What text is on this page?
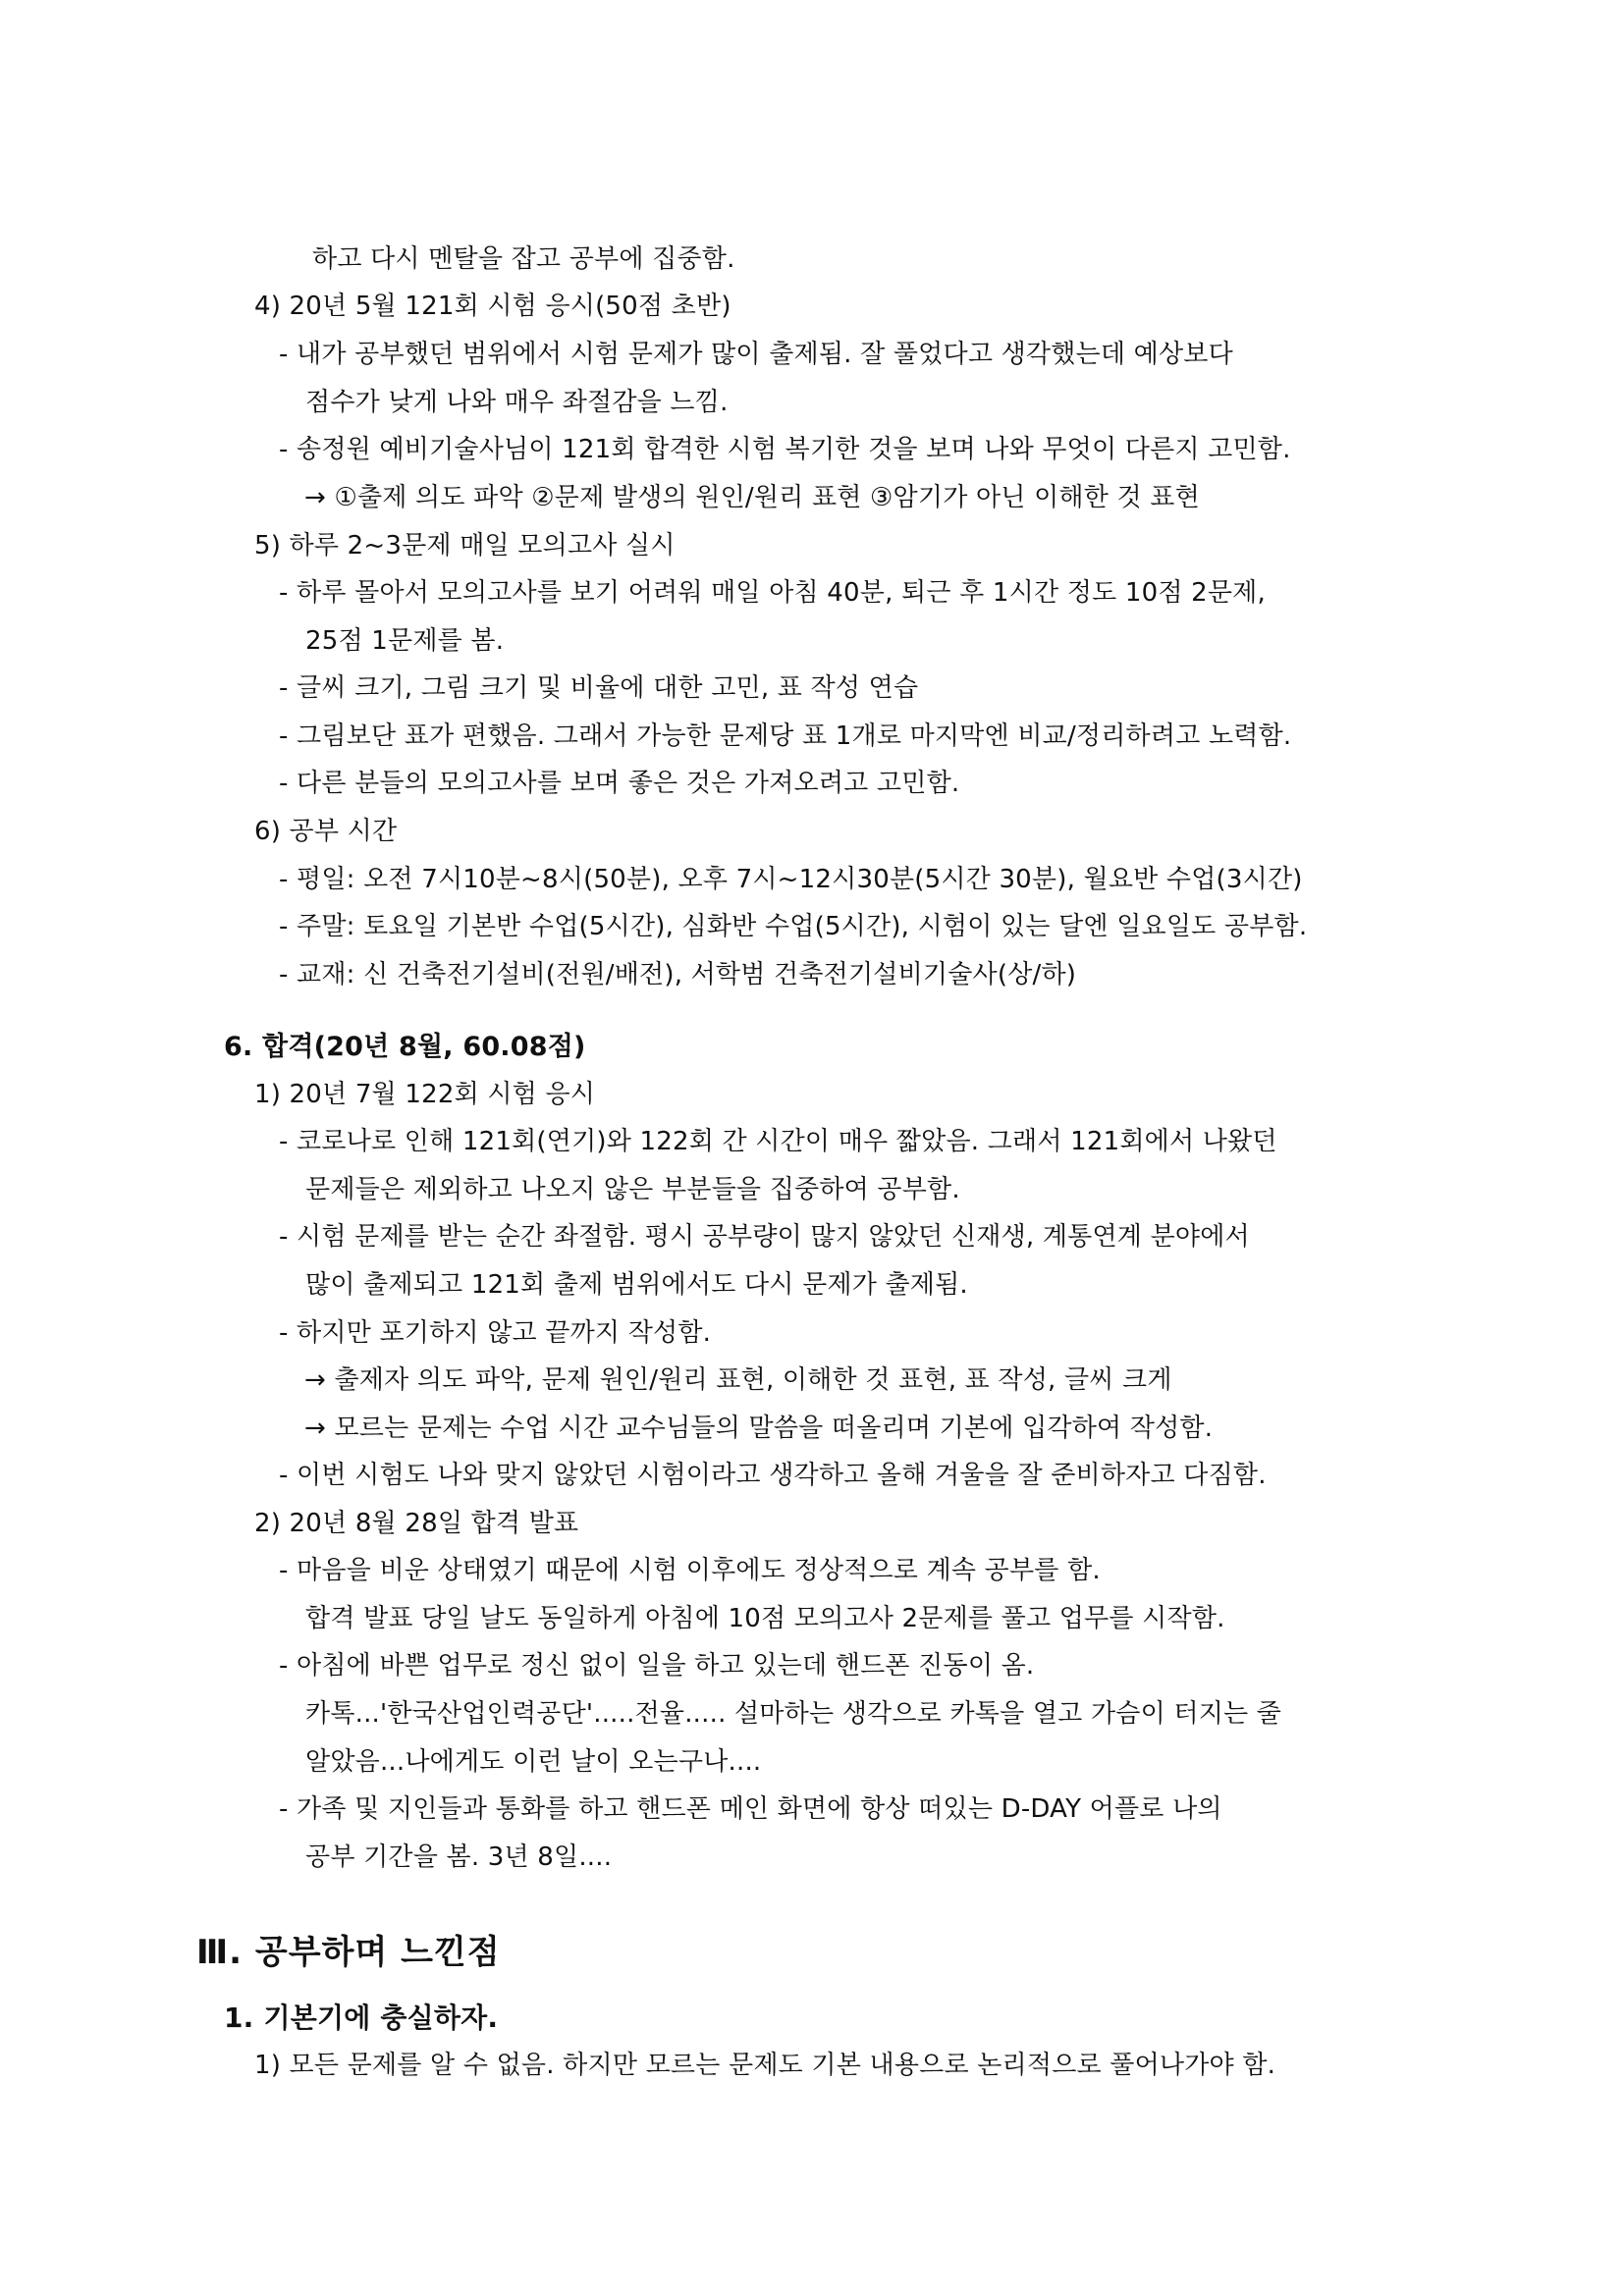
하고 다시 멘탈을 잡고 공부에 집중함.
4) 20년 5월 121회 시험 응시(50점 초반)
- 내가 공부했던 범위에서 시험 문제가 많이 출제됨. 잘 풀었다고 생각했는데 예상보다
점수가 낮게 나와 매우 좌절감을 느낌.
- 송정원 예비기술사님이 121회 합격한 시험 복기한 것을 보며 나와 무엇이 다른지 고민함.
→ ①출제 의도 파악 ②문제 발생의 원인/원리 표현 ③암기가 아닌 이해한 것 표현
5) 하루 2~3문제 매일 모의고사 실시
- 하루 몰아서 모의고사를 보기 어려워 매일 아침 40분, 퇴근 후 1시간 정도 10점 2문제,
25점 1문제를 봄.
- 글씨 크기, 그림 크기 및 비율에 대한 고민, 표 작성 연습
- 그림보단 표가 편했음. 그래서 가능한 문제당 표 1개로 마지막엔 비교/정리하려고 노력함.
- 다른 분들의 모의고사를 보며 좋은 것은 가져오려고 고민함.
6) 공부 시간
- 평일: 오전 7시10분~8시(50분), 오후 7시~12시30분(5시간 30분), 월요반 수업(3시간)
- 주말: 토요일 기본반 수업(5시간), 심화반 수업(5시간), 시험이 있는 달엔 일요일도 공부함.
- 교재: 신 건축전기설비(전원/배전), 서학범 건축전기설비기술사(상/하)
6. 합격(20년 8월, 60.08점)
1) 20년 7월 122회 시험 응시
- 코로나로 인해 121회(연기)와 122회 간 시간이 매우 짧았음. 그래서 121회에서 나왔던
문제들은 제외하고 나오지 않은 부분들을 집중하여 공부함.
- 시험 문제를 받는 순간 좌절함. 평시 공부량이 많지 않았던 신재생, 계통연계 분야에서
많이 출제되고 121회 출제 범위에서도 다시 문제가 출제됨.
- 하지만 포기하지 않고 끝까지 작성함.
→ 출제자 의도 파악, 문제 원인/원리 표현, 이해한 것 표현, 표 작성, 글씨 크게
→ 모르는 문제는 수업 시간 교수님들의 말씀을 떠올리며 기본에 입각하여 작성함.
- 이번 시험도 나와 맞지 않았던 시험이라고 생각하고 올해 겨울을 잘 준비하자고 다짐함.
2) 20년 8월 28일 합격 발표
- 마음을 비운 상태였기 때문에 시험 이후에도 정상적으로 계속 공부를 함.
합격 발표 당일 날도 동일하게 아침에 10점 모의고사 2문제를 풀고 업무를 시작함.
- 아침에 바쁜 업무로 정신 없이 일을 하고 있는데 핸드폰 진동이 옴.
카톡...'한국산업인력공단'.....전율..... 설마하는 생각으로 카톡을 열고 가슴이 터지는 줄
알았음...나에게도 이런 날이 오는구나....
- 가족 및 지인들과 통화를 하고 핸드폰 메인 화면에 항상 떠있는 D-DAY 어플로 나의
공부 기간을 봄. 3년 8일....
Ⅲ. 공부하며 느낀점
1. 기본기에 충실하자.
1) 모든 문제를 알 수 없음. 하지만 모르는 문제도 기본 내용으로 논리적으로 풀어나가야 함.
